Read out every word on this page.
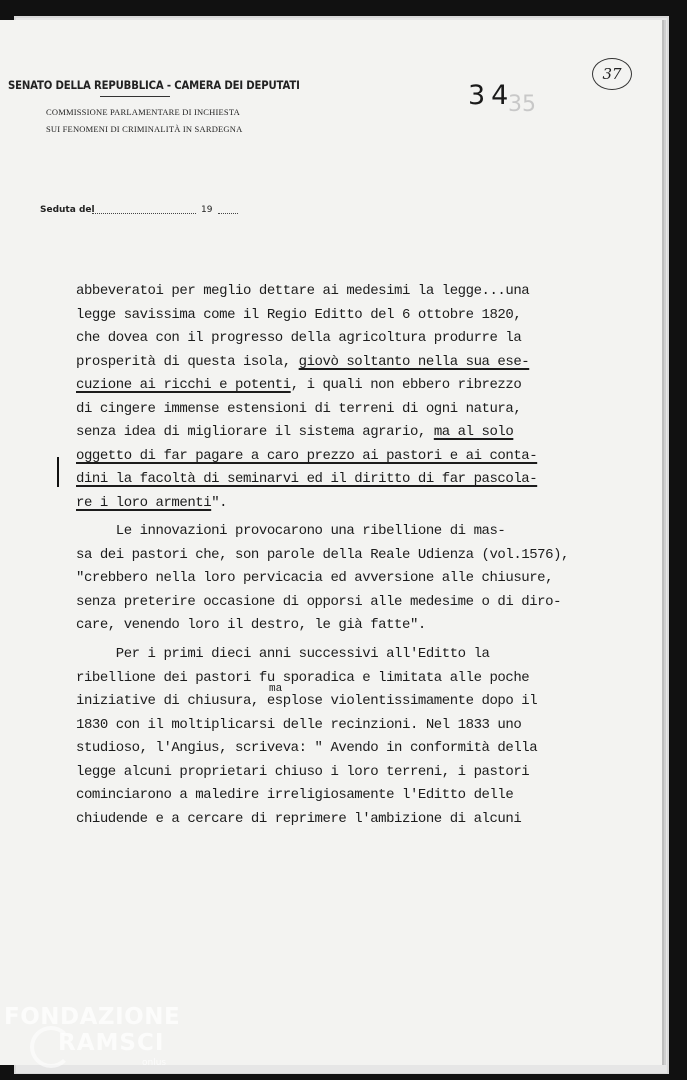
37
SENATO DELLA REPUBBLICA - CAMERA DEI DEPUTATI
COMMISSIONE PARLAMENTARE DI INCHIESTA
SUI FENOMENI DI CRIMINALITÀ IN SARDEGNA
35
34
Seduta del	19
ma
abbeveratoi per meglio dettare ai medesimi la legge...una
legge savissima come il Regio Editto del 6 ottobre 1820,
che dovea con il progresso della agricoltura produrre la
prosperità di questa isola, giovò soltanto nella sua ese-
cuzione ai ricchi e potenti, i quali non ebbero ribrezzo
di cingere immense estensioni di terreni di ogni natura,
senza idea di migliorare il sistema agrario, ma al solo
oggetto di far pagare a caro prezzo ai pastori e ai conta-
dini la facoltà di seminarvi ed il diritto di far pascola-
re i loro armenti".
Le innovazioni provocarono una ribellione di mas-
sa dei pastori che, son parole della Reale Udienza (vol.1576),
"crebbero nella loro pervicacia ed avversione alle chiusure,
senza preterire occasione di opporsi alle medesime o di diro-
care, venendo loro il destro, le già fatte".
Per i primi dieci anni successivi all'Editto la
ribellione dei pastori fu sporadica e limitata alle poche
iniziative di chiusura, esplose violentissimamente dopo il
1830 con il moltiplicarsi delle recinzioni. Nel 1833 uno
studioso, l'Angius, scriveva: " Avendo in conformità della
legge alcuni proprietari chiuso i loro terreni, i pastori
cominciarono a maledire irreligiosamente l'Editto delle
chiudende e a cercare di reprimere l'ambizione di alcuni
FONDAZIONE
RAMSCI
onlus
